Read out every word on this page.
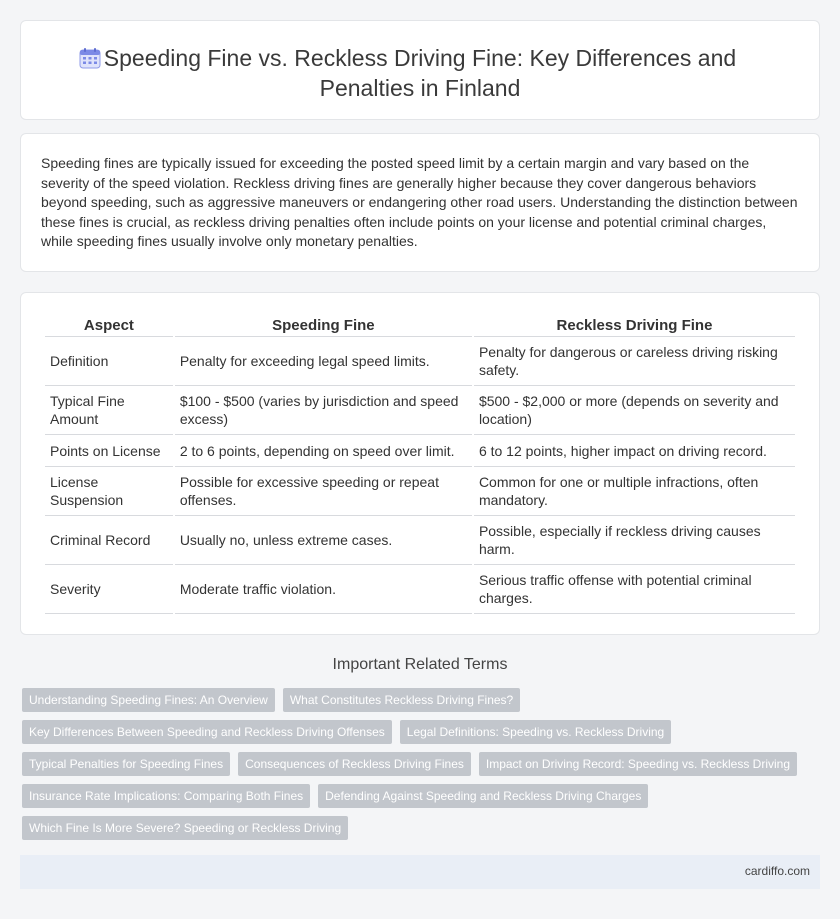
Speeding Fine vs. Reckless Driving Fine: Key Differences and Penalties in Finland

Speeding fines are typically issued for exceeding the posted speed limit by a certain margin and vary based on the severity of the speed violation. Reckless driving fines are generally higher because they cover dangerous behaviors beyond speeding, such as aggressive maneuvers or endangering other road users. Understanding the distinction between these fines is crucial, as reckless driving penalties often include points on your license and potential criminal charges, while speeding fines usually involve only monetary penalties.

Aspect	Speeding Fine	Reckless Driving Fine
Definition	Penalty for exceeding legal speed limits.	Penalty for dangerous or careless driving risking safety.
Typical Fine Amount	$100 - $500 (varies by jurisdiction and speed excess)	$500 - $2,000 or more (depends on severity and location)
Points on License	2 to 6 points, depending on speed over limit.	6 to 12 points, higher impact on driving record.
License Suspension	Possible for excessive speeding or repeat offenses.	Common for one or multiple infractions, often mandatory.
Criminal Record	Usually no, unless extreme cases.	Possible, especially if reckless driving causes harm.
Severity	Moderate traffic violation.	Serious traffic offense with potential criminal charges.
Important Related Terms
Understanding Speeding Fines: An Overview	What Constitutes Reckless Driving Fines?
Key Differences Between Speeding and Reckless Driving Offenses	Legal Definitions: Speeding vs. Reckless Driving
Typical Penalties for Speeding Fines	Consequences of Reckless Driving Fines	Impact on Driving Record: Speeding vs. Reckless Driving
Insurance Rate Implications: Comparing Both Fines	Defending Against Speeding and Reckless Driving Charges
Which Fine Is More Severe? Speeding or Reckless Driving
cardiffo.com
